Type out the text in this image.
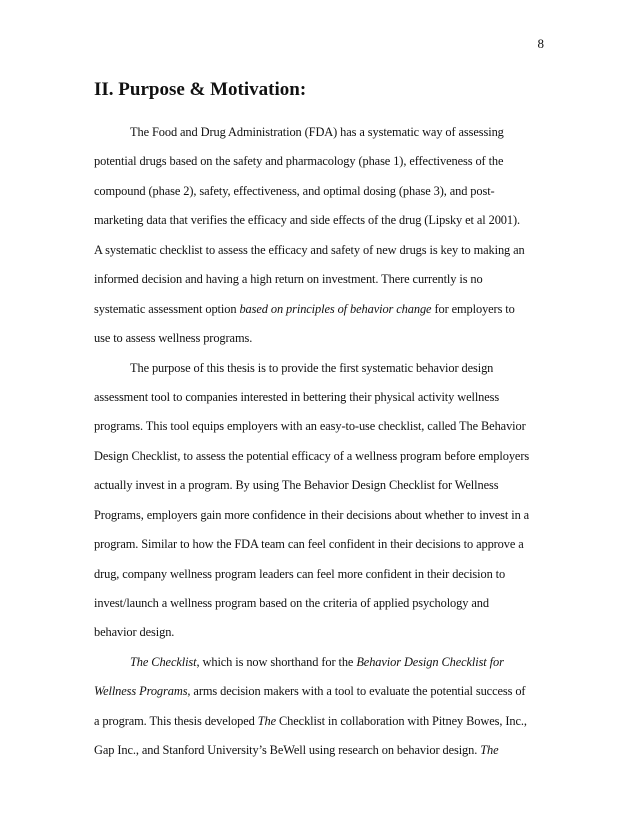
8
II. Purpose & Motivation:
The Food and Drug Administration (FDA) has a systematic way of assessing
potential drugs based on the safety and pharmacology (phase 1), effectiveness of the
compound (phase 2), safety, effectiveness, and optimal dosing (phase 3), and post-
marketing data that verifies the efficacy and side effects of the drug (Lipsky et al 2001).
A systematic checklist to assess the efficacy and safety of new drugs is key to making an
informed decision and having a high return on investment. There currently is no
systematic assessment option based on principles of behavior change for employers to
use to assess wellness programs.
The purpose of this thesis is to provide the first systematic behavior design
assessment tool to companies interested in bettering their physical activity wellness
programs. This tool equips employers with an easy-to-use checklist, called The Behavior
Design Checklist, to assess the potential efficacy of a wellness program before employers
actually invest in a program. By using The Behavior Design Checklist for Wellness
Programs, employers gain more confidence in their decisions about whether to invest in a
program. Similar to how the FDA team can feel confident in their decisions to approve a
drug, company wellness program leaders can feel more confident in their decision to
invest/launch a wellness program based on the criteria of applied psychology and
behavior design.
The Checklist, which is now shorthand for the Behavior Design Checklist for
Wellness Programs, arms decision makers with a tool to evaluate the potential success of
a program. This thesis developed The Checklist in collaboration with Pitney Bowes, Inc.,
Gap Inc., and Stanford University’s BeWell using research on behavior design. The
